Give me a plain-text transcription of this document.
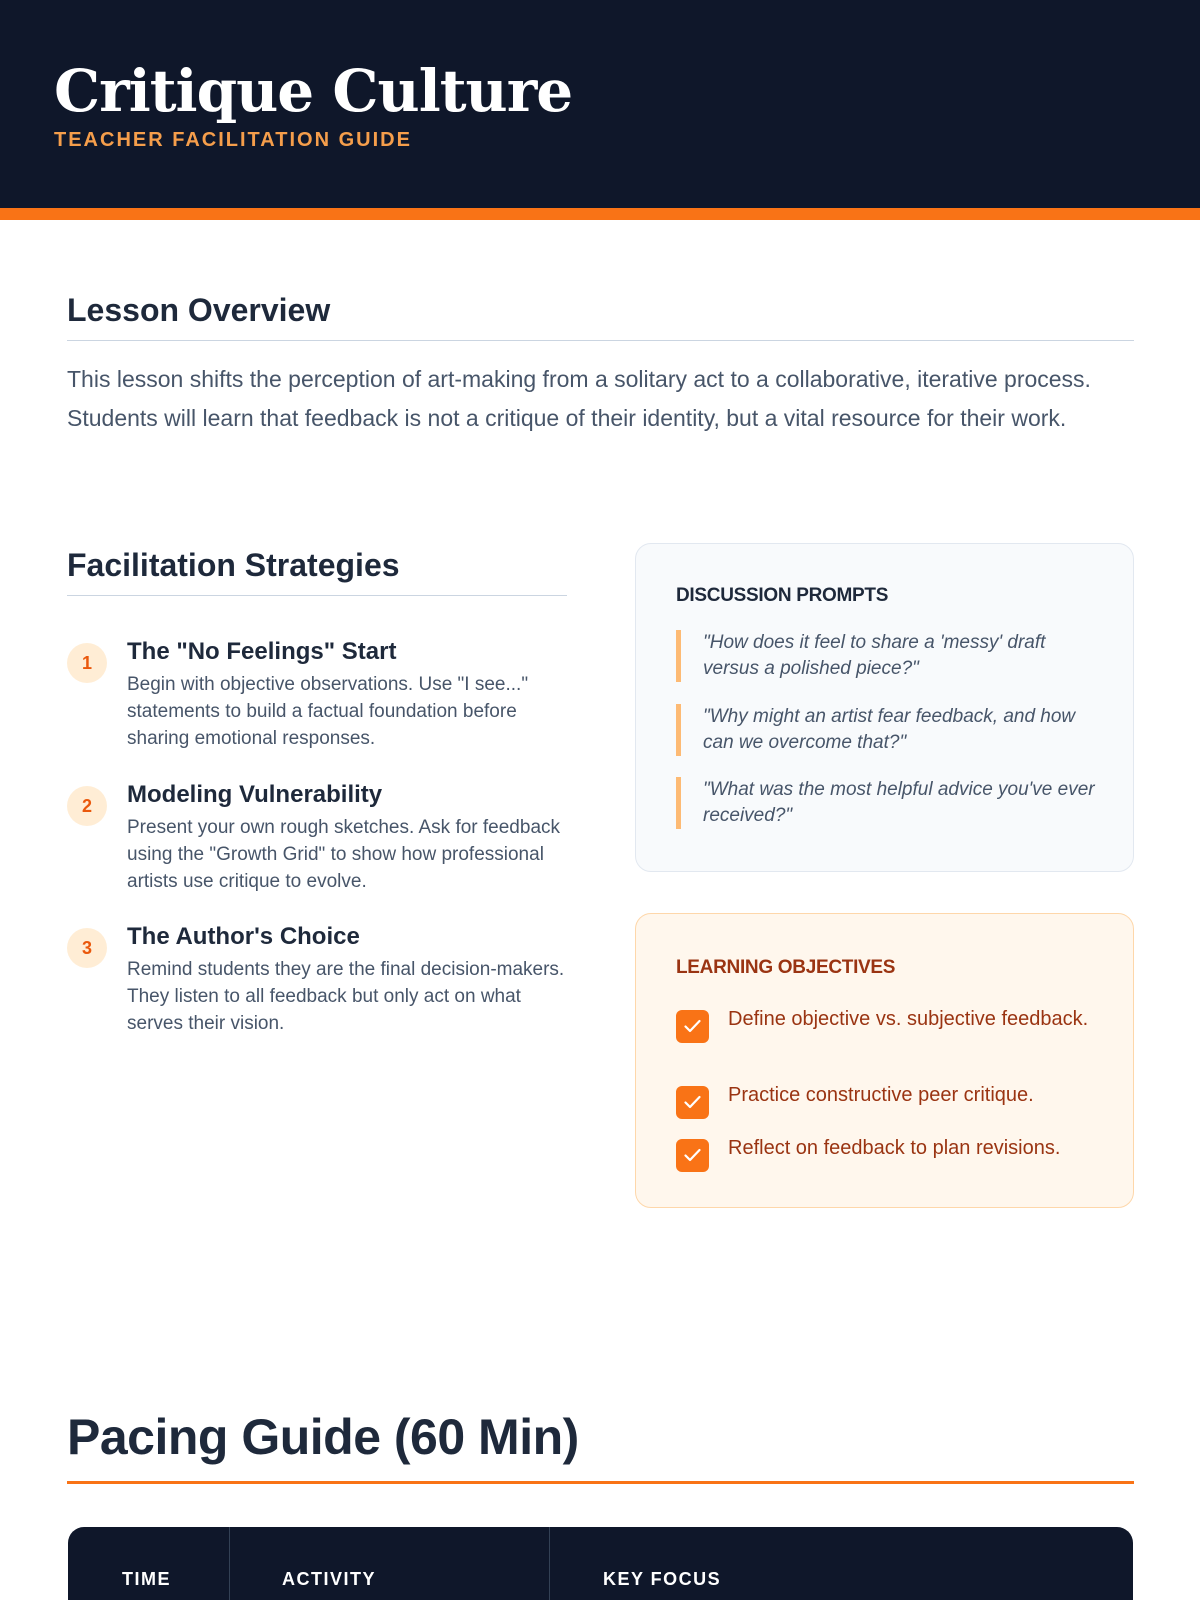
Critique Culture
TEACHER FACILITATION GUIDE
Lesson Overview

This lesson shifts the perception of art-making from a solitary act to a collaborative, iterative process. Students will learn that feedback is not a critique of their identity, but a vital resource for their work.

Facilitation Strategies
1	The "No Feelings" Start
Begin with objective observations. Use "I see..." statements to build a factual foundation before sharing emotional responses.
2	Modeling Vulnerability
Present your own rough sketches. Ask for feedback using the "Growth Grid" to show how professional artists use critique to evolve.
3	The Author's Choice
Remind students they are the final decision-makers. They listen to all feedback but only act on what serves their vision.
DISCUSSION PROMPTS
"How does it feel to share a 'messy' draft versus a polished piece?"
"Why might an artist fear feedback, and how can we overcome that?"
"What was the most helpful advice you've ever received?"
LEARNING OBJECTIVES
Define objective vs. subjective feedback.
Practice constructive peer critique.
Reflect on feedback to plan revisions.
Pacing Guide (60 Min)
TIME	ACTIVITY	KEY FOCUS
